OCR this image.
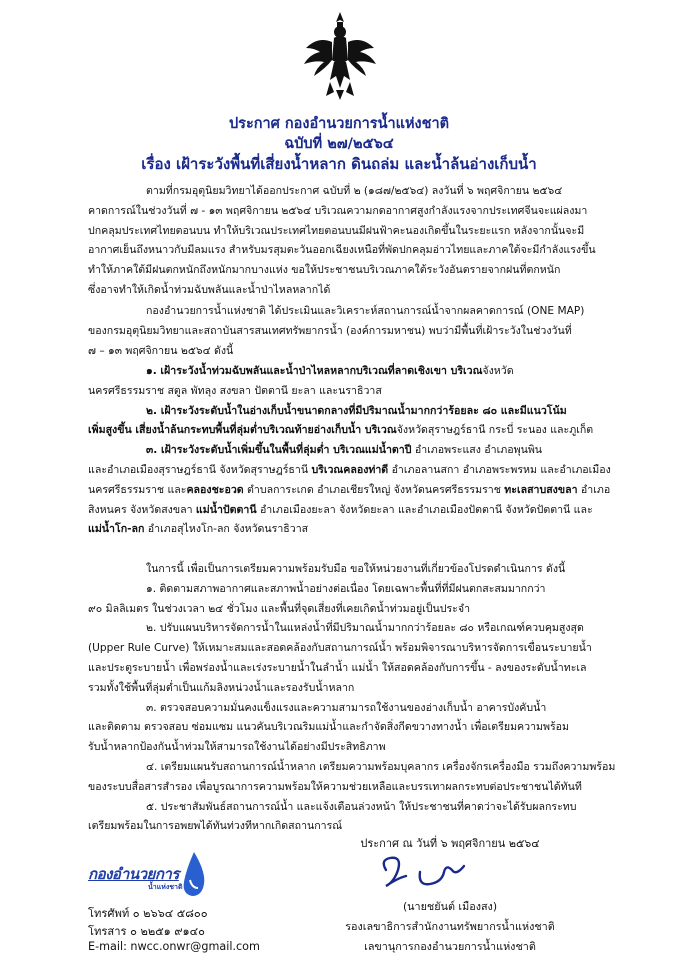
ประกาศ กองอำนวยการน้ำแห่งชาติ
ฉบับที่ ๒๗/๒๕๖๔
เรื่อง เฝ้าระวังพื้นที่เสี่ยงน้ำหลาก ดินถล่ม และน้ำล้นอ่างเก็บน้ำ

ตามที่กรมอุตุนิยมวิทยาได้ออกประกาศ ฉบับที่ ๒ (๑๘๗/๒๕๖๔) ลงวันที่ ๖ พฤศจิกายน ๒๕๖๔

คาดการณ์ในช่วงวันที่ ๗ - ๑๓ พฤศจิกายน ๒๕๖๔ บริเวณความกดอากาศสูงกำลังแรงจากประเทศจีนจะแผ่ลงมา

ปกคลุมประเทศไทยตอนบน ทำให้บริเวณประเทศไทยตอนบนมีฝนฟ้าคะนองเกิดขึ้นในระยะแรก หลังจากนั้นจะมี

อากาศเย็นถึงหนาวกับมีลมแรง สำหรับมรสุมตะวันออกเฉียงเหนือที่พัดปกคลุมอ่าวไทยและภาคใต้จะมีกำลังแรงขึ้น

ทำให้ภาคใต้มีฝนตกหนักถึงหนักมากบางแห่ง ขอให้ประชาชนบริเวณภาคใต้ระวังอันตรายจากฝนที่ตกหนัก

ซึ่งอาจทำให้เกิดน้ำท่วมฉับพลันและน้ำป่าไหลหลากได้

กองอำนวยการน้ำแห่งชาติ ได้ประเมินและวิเคราะห์สถานการณ์น้ำจากผลคาดการณ์ (ONE MAP)

ของกรมอุตุนิยมวิทยาและสถาบันสารสนเทศทรัพยากรน้ำ (องค์การมหาชน) พบว่ามีพื้นที่เฝ้าระวังในช่วงวันที่

๗ – ๑๓ พฤศจิกายน ๒๕๖๔ ดังนี้

๑. เฝ้าระวังน้ำท่วมฉับพลันและน้ำป่าไหลหลากบริเวณที่ลาดเชิงเขา บริเวณจังหวัด

นครศรีธรรมราช สตูล พัทลุง สงขลา ปัตตานี ยะลา และนราธิวาส

๒. เฝ้าระวังระดับน้ำในอ่างเก็บน้ำขนาดกลางที่มีปริมาณน้ำมากกว่าร้อยละ ๘๐ และมีแนวโน้ม

เพิ่มสูงขึ้น เสี่ยงน้ำล้นกระทบพื้นที่ลุ่มต่ำบริเวณท้ายอ่างเก็บน้ำ บริเวณจังหวัดสุราษฎร์ธานี กระบี่ ระนอง และภูเก็ต

๓. เฝ้าระวังระดับน้ำเพิ่มขึ้นในพื้นที่ลุ่มต่ำ บริเวณแม่น้ำตาปี อำเภอพระแสง อำเภอพุนพิน

และอำเภอเมืองสุราษฎร์ธานี จังหวัดสุราษฎร์ธานี บริเวณคลองท่าดี อำเภอลานสกา อำเภอพระพรหม และอำเภอเมือง

นครศรีธรรมราช และคลองชะอวด ตำบลการะเกด อำเภอเชียรใหญ่ จังหวัดนครศรีธรรมราช ทะเลสาบสงขลา อำเภอ

สิงหนคร จังหวัดสงขลา แม่น้ำปัตตานี อำเภอเมืองยะลา จังหวัดยะลา และอำเภอเมืองปัตตานี จังหวัดปัตตานี และ

แม่น้ำโก-ลก อำเภอสุไหงโก-ลก จังหวัดนราธิวาส

ในการนี้ เพื่อเป็นการเตรียมความพร้อมรับมือ ขอให้หน่วยงานที่เกี่ยวข้องโปรดดำเนินการ ดังนี้

๑. ติดตามสภาพอากาศและสภาพน้ำอย่างต่อเนื่อง โดยเฉพาะพื้นที่ที่มีฝนตกสะสมมากกว่า

๙๐ มิลลิเมตร ในช่วงเวลา ๒๔ ชั่วโมง และพื้นที่จุดเสี่ยงที่เคยเกิดน้ำท่วมอยู่เป็นประจำ

๒. ปรับแผนบริหารจัดการน้ำในแหล่งน้ำที่มีปริมาณน้ำมากกว่าร้อยละ ๘๐ หรือเกณฑ์ควบคุมสูงสุด

(Upper Rule Curve) ให้เหมาะสมและสอดคล้องกับสถานการณ์น้ำ พร้อมพิจารณาบริหารจัดการเขื่อนระบายน้ำ

และประตูระบายน้ำ เพื่อพร่องน้ำและเร่งระบายน้ำในลำน้ำ แม่น้ำ ให้สอดคล้องกับการขึ้น - ลงของระดับน้ำทะเล

รวมทั้งใช้พื้นที่ลุ่มต่ำเป็นแก้มลิงหน่วงน้ำและรองรับน้ำหลาก

๓. ตรวจสอบความมั่นคงแข็งแรงและความสามารถใช้งานของอ่างเก็บน้ำ อาคารบังคับน้ำ

และติดตาม ตรวจสอบ ซ่อมแซม แนวคันบริเวณริมแม่น้ำและกำจัดสิ่งกีดขวางทางน้ำ เพื่อเตรียมความพร้อม

รับน้ำหลากป้องกันน้ำท่วมให้สามารถใช้งานได้อย่างมีประสิทธิภาพ

๔. เตรียมแผนรับสถานการณ์น้ำหลาก เตรียมความพร้อมบุคลากร เครื่องจักรเครื่องมือ รวมถึงความพร้อม

ของระบบสื่อสารสำรอง เพื่อบูรณาการความพร้อมให้ความช่วยเหลือและบรรเทาผลกระทบต่อประชาชนได้ทันที

๕. ประชาสัมพันธ์สถานการณ์น้ำ และแจ้งเตือนล่วงหน้า ให้ประชาชนที่คาดว่าจะได้รับผลกระทบ

เตรียมพร้อมในการอพยพได้ทันท่วงทีหากเกิดสถานการณ์

ประกาศ ณ วันที่ ๖ พฤศจิกายน ๒๕๖๔
(นายชยันต์ เมืองสง)
รองเลขาธิการสำนักงานทรัพยากรน้ำแห่งชาติ
เลขานุการกองอำนวยการน้ำแห่งชาติ
กองอำนวยการ
น้ำแห่งชาติ
โทรศัพท์ ๐ ๒๖๖๔ ๕๘๐๐
โทรสาร ๐ ๒๒๕๑ ๙๑๔๐
E-mail: nwcc.onwr@gmail.com
